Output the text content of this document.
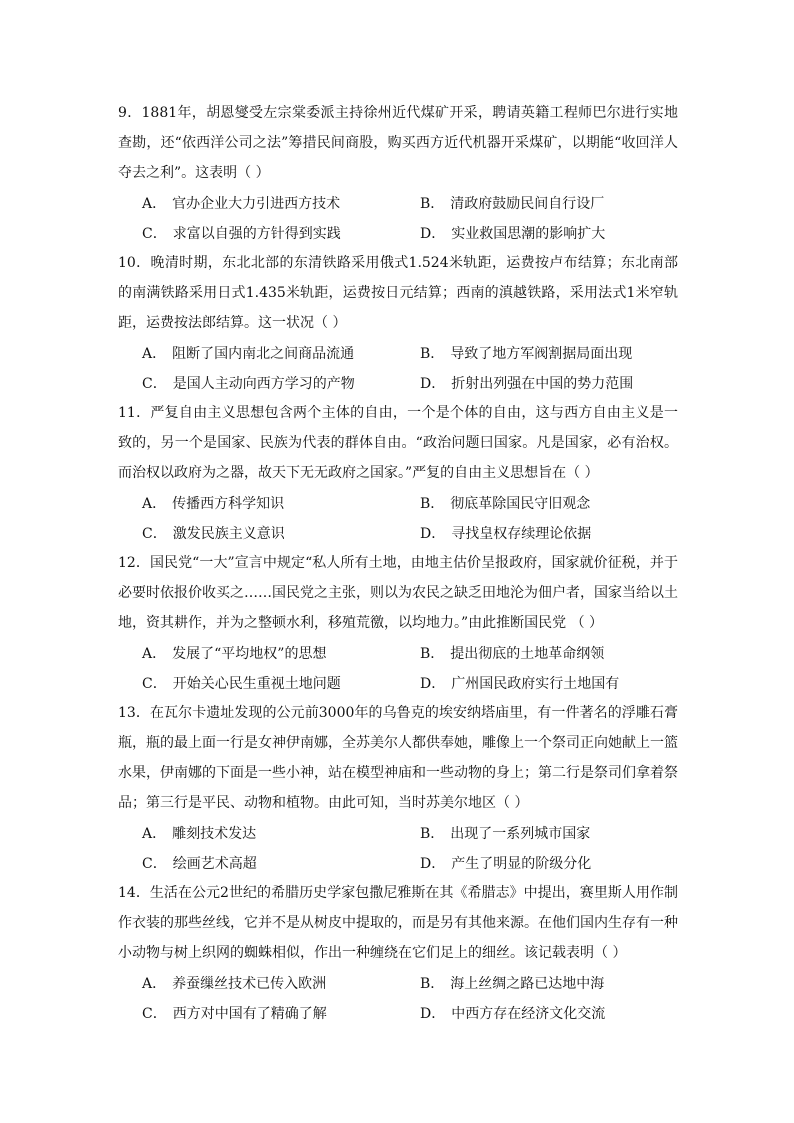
9．1881年，胡恩燮受左宗棠委派主持徐州近代煤矿开采，聘请英籍工程师巴尔进行实地查勘，还“依西洋公司之法”筹措民间商股，购买西方近代机器开采煤矿，以期能“收回洋人夺去之利”。这表明（ ）

A． 官办企业大力引进西方技术	B． 清政府鼓励民间自行设厂
C． 求富以自强的方针得到实践	D． 实业救国思潮的影响扩大

10．晚清时期，东北北部的东清铁路采用俄式1.524米轨距，运费按卢布结算；东北南部的南满铁路采用日式1.435米轨距，运费按日元结算；西南的滇越铁路，采用法式1米窄轨距，运费按法郎结算。这一状况（ ）

A． 阻断了国内南北之间商品流通	B． 导致了地方军阀割据局面出现
C． 是国人主动向西方学习的产物	D． 折射出列强在中国的势力范围

11．严复自由主义思想包含两个主体的自由，一个是个体的自由，这与西方自由主义是一致的，另一个是国家、民族为代表的群体自由。“政治问题曰国家。凡是国家，必有治权。而治权以政府为之器，故天下无无政府之国家。”严复的自由主义思想旨在（ ）

A． 传播西方科学知识	B． 彻底革除国民守旧观念
C． 激发民族主义意识	D． 寻找皇权存续理论依据

12．国民党“一大”宣言中规定“私人所有土地，由地主估价呈报政府，国家就价征税，并于必要时依报价收买之……国民党之主张，则以为农民之缺乏田地沦为佃户者，国家当给以土地，资其耕作，并为之整顿水利，移殖荒徼，以均地力。”由此推断国民党 （ ）

A． 发展了“平均地权”的思想	B． 提出彻底的土地革命纲领
C． 开始关心民生重视土地问题	D． 广州国民政府实行土地国有

13．在瓦尔卡遗址发现的公元前3000年的乌鲁克的埃安纳塔庙里，有一件著名的浮雕石膏瓶，瓶的最上面一行是女神伊南娜，全苏美尔人都供奉她，雕像上一个祭司正向她献上一篮水果，伊南娜的下面是一些小神，站在模型神庙和一些动物的身上；第二行是祭司们拿着祭品；第三行是平民、动物和植物。由此可知，当时苏美尔地区（ ）

A． 雕刻技术发达	B． 出现了一系列城市国家
C． 绘画艺术高超	D． 产生了明显的阶级分化

14．生活在公元2世纪的希腊历史学家包撒尼雅斯在其《希腊志》中提出，赛里斯人用作制作衣装的那些丝线，它并不是从树皮中提取的，而是另有其他来源。在他们国内生存有一种小动物与树上织网的蜘蛛相似，作出一种缠绕在它们足上的细丝。该记载表明（ ）

A． 养蚕缫丝技术已传入欧洲	B． 海上丝绸之路已达地中海
C． 西方对中国有了精确了解	D． 中西方存在经济文化交流
